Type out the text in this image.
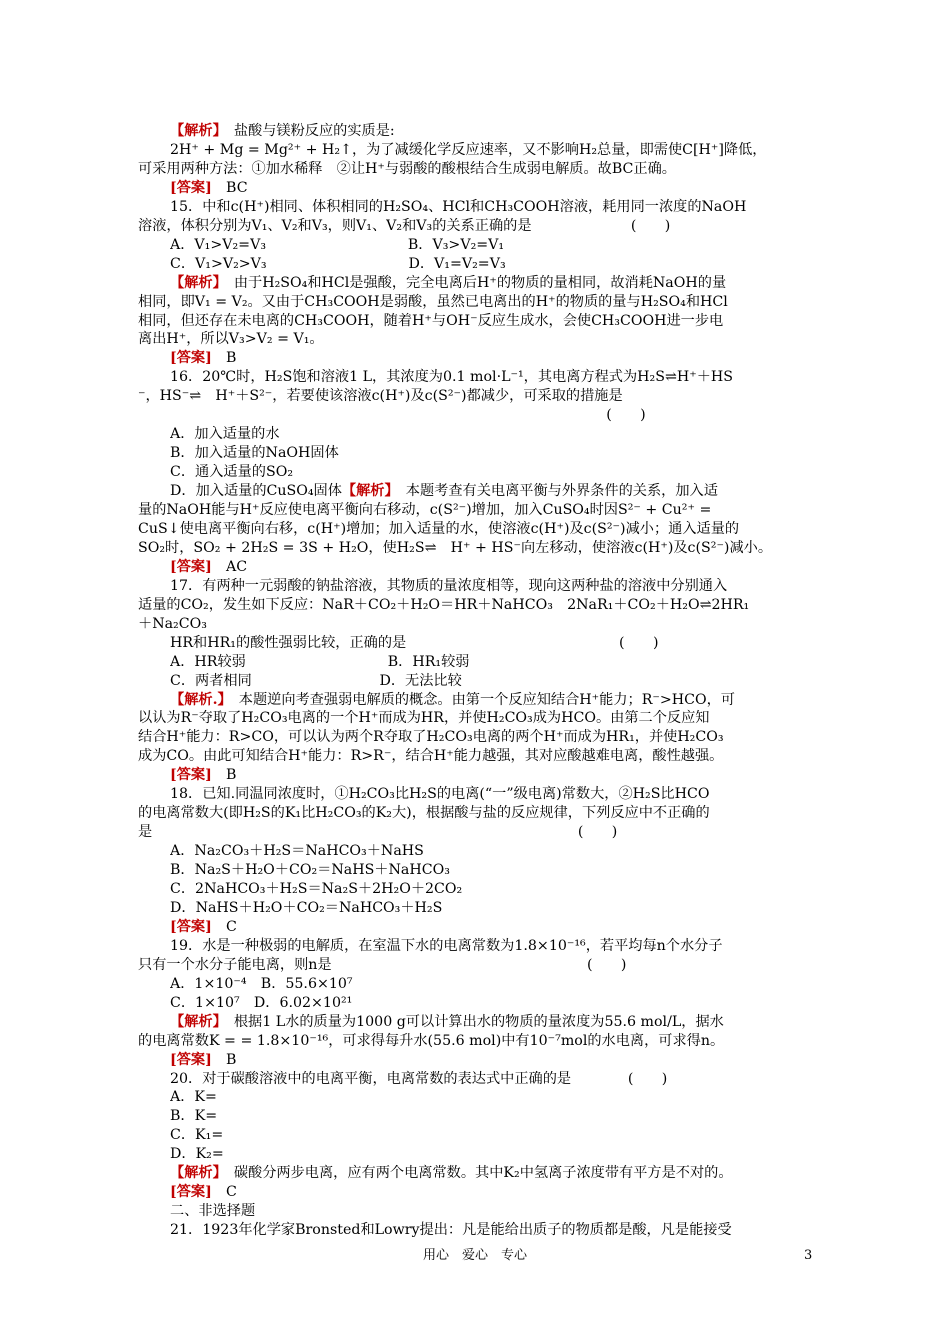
【解析】　盐酸与镁粉反应的实质是:
2H⁺ + Mg = Mg²⁺ + H₂↑，为了减缓化学反应速率，又不影响H₂总量，即需使C[H⁺]降低，
可采用两种方法：①加水稀释　②让H⁺与弱酸的酸根结合生成弱电解质。故BC正确。
[答案]　BC
15．中和c(H⁺)相同、体积相同的H₂SO₄、HCl和CH₃COOH溶液，耗用同一浓度的NaOH
溶液，体积分别为V₁、V₂和V₃，则V₁、V₂和V₃的关系正确的是　　　　　　　(　　)
A．V₁>V₂=V₃　　　　　　　　　　B．V₃>V₂=V₁
C．V₁>V₂>V₃　　　　　　　　　　D．V₁=V₂=V₃
【解析】　由于H₂SO₄和HCl是强酸，完全电离后H⁺的物质的量相同，故消耗NaOH的量
相同，即V₁ = V₂。又由于CH₃COOH是弱酸，虽然已电离出的H⁺的物质的量与H₂SO₄和HCl
相同，但还存在未电离的CH₃COOH，随着H⁺与OH⁻反应生成水，会使CH₃COOH进一步电
离出H⁺，所以V₃>V₂ = V₁。
[答案]　B
16．20℃时，H₂S饱和溶液1 L，其浓度为0.1 mol·L⁻¹，其电离方程式为H₂S⇌H⁺＋HS
⁻，HS⁻⇌　H⁺＋S²⁻，若要使该溶液c(H⁺)及c(S²⁻)都减少，可采取的措施是
　　　　　　　　　　　　　　　　　　　　　　　　　　　　　　　　　(　　)
A．加入适量的水
B．加入适量的NaOH固体
C．通入适量的SO₂
D．加入适量的CuSO₄固体【解析】　本题考查有关电离平衡与外界条件的关系，加入适
量的NaOH能与H⁺反应使电离平衡向右移动，c(S²⁻)增加，加入CuSO₄时因S²⁻ + Cu²⁺ =
CuS↓使电离平衡向右移，c(H⁺)增加；加入适量的水，使溶液c(H⁺)及c(S²⁻)减小；通入适量的
SO₂时，SO₂ + 2H₂S = 3S + H₂O，使H₂S⇌　H⁺ + HS⁻向左移动，使溶液c(H⁺)及c(S²⁻)减小。
[答案]　AC
17．有两种一元弱酸的钠盐溶液，其物质的量浓度相等，现向这两种盐的溶液中分别通入
适量的CO₂，发生如下反应：NaR＋CO₂＋H₂O＝HR＋NaHCO₃　2NaR₁＋CO₂＋H₂O⇌2HR₁
＋Na₂CO₃
HR和HR₁的酸性强弱比较，正确的是　　　　　　　　　　　　　　　(　　)
A．HR较弱　　　　　　　　　　B．HR₁较弱
C．两者相同　　　　　　　　　D．无法比较
【解析.】　本题逆向考查强弱电解质的概念。由第一个反应知结合H⁺能力；R⁻>HCO，可
以认为R⁻夺取了H₂CO₃电离的一个H⁺而成为HR，并使H₂CO₃成为HCO。由第二个反应知
结合H⁺能力：R>CO，可以认为两个R夺取了H₂CO₃电离的两个H⁺而成为HR₁，并使H₂CO₃
成为CO。由此可知结合H⁺能力：R>R⁻，结合H⁺能力越强，其对应酸越难电离，酸性越强。
[答案]　B
18．已知.同温同浓度时，①H₂CO₃比H₂S的电离(“一”级电离)常数大，②H₂S比HCO
的电离常数大(即H₂S的K₁比H₂CO₃的K₂大)，根据酸与盐的反应规律，下列反应中不正确的
是　　　　　　　　　　　　　　　　　　　　　　　　　　　　　　(　　)
A．Na₂CO₃＋H₂S＝NaHCO₃＋NaHS
B．Na₂S＋H₂O＋CO₂＝NaHS＋NaHCO₃
C．2NaHCO₃＋H₂S＝Na₂S＋2H₂O＋2CO₂
D．NaHS＋H₂O＋CO₂＝NaHCO₃＋H₂S
[答案]　C
19．水是一种极弱的电解质，在室温下水的电离常数为1.8×10⁻¹⁶，若平均每n个水分子
只有一个水分子能电离，则n是　　　　　　　　　　　　　　　　　　(　　)
A．1×10⁻⁴　B．55.6×10⁷
C．1×10⁷　D．6.02×10²¹
【解析】　根据1 L水的质量为1000 g可以计算出水的物质的量浓度为55.6 mol/L，据水
的电离常数K = = 1.8×10⁻¹⁶，可求得每升水(55.6 mol)中有10⁻⁷mol的水电离，可求得n。
[答案]　B
20．对于碳酸溶液中的电离平衡，电离常数的表达式中正确的是　　　　(　　)
A．K=
B．K=
C．K₁=
D．K₂=
【解析】　碳酸分两步电离，应有两个电离常数。其中K₂中氢离子浓度带有平方是不对的。
[答案]　C
二、非选择题
21．1923年化学家Bronsted和Lowry提出：凡是能给出质子的物质都是酸，凡是能接受
用心　爱心　专心	3
